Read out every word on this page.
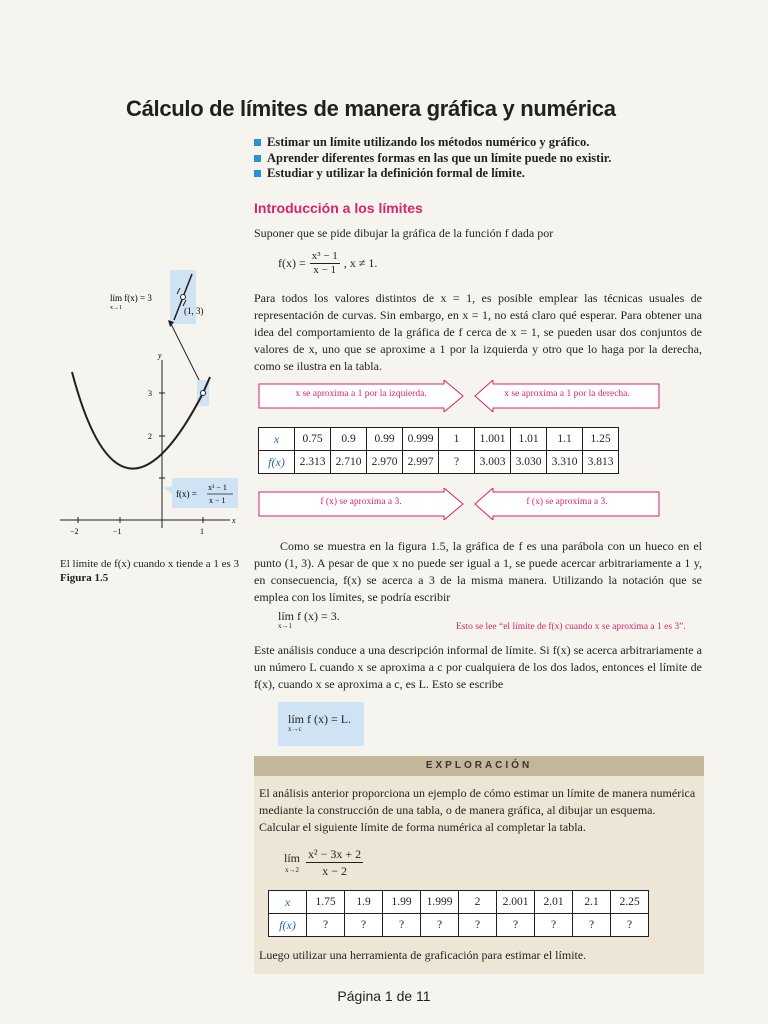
Cálculo de límites de manera gráfica y numérica
Estimar un límite utilizando los métodos numérico y gráfico.
Aprender diferentes formas en las que un límite puede no existir.
Estudiar y utilizar la definición formal de límite.
Introducción a los límites
Suponer que se pide dibujar la gráfica de la función f dada por
$f(x) = \frac{\text{x³ − 1}}{x - 1}$ , x ≠ 1.
Para todos los valores distintos de x = 1, es posible emplear las técnicas usuales de representación de curvas. Sin embargo, en x = 1, no está claro qué esperar. Para obtener una idea del comportamiento de la gráfica de f cerca de x = 1, se pueden usar dos conjuntos de valores de x, uno que se aproxime a 1 por la izquierda y otro que lo haga por la derecha, como se ilustra en la tabla.
x se aproxima a 1 por la izquierda.	x se aproxima a 1 por la derecha.
x	0.75	0.9	0.99	0.999	1	1.001	1.01	1.1	1.25
f(x)	2.313	2.710	2.970	2.997	?	3.003	3.030	3.310	3.813
f (x) se aproxima a 3.	f (x) se aproxima a 3.
Como se muestra en la figura 1.5, la gráfica de f es una parábola con un hueco en el punto (1, 3). A pesar de que x no puede ser igual a 1, se puede acercar arbitrariamente a 1 y, en consecuencia, f(x) se acerca a 3 de la misma manera. Utilizando la notación que se emplea con los límites, se podría escribir
lím f (x) = 3.
x→1	Esto se lee “el límite de f(x) cuando x se aproxima a 1 es 3”.
Este análisis conduce a una descripción informal de límite. Si f(x) se acerca arbitrariamente a un número L cuando x se aproxima a c por cualquiera de los dos lados, entonces el límite de f(x), cuando x se aproxima a c, es L. Esto se escribe
lím f (x) = L.
x→c
EXPLORACIÓN
El análisis anterior proporciona un ejemplo de cómo estimar un límite de manera numérica mediante la construcción de una tabla, o de manera gráfica, al dibujar un esquema. Calcular el siguiente límite de forma numérica al completar la tabla.
lím
$x\to 2 \frac{\text{x² − 3x + 2}}{x - 2}$
Luego utilizar una herramienta de graficación para estimar el límite.
x	1.75	1.9	1.99	1.999	2	2.001	2.01	2.1	2.25
f(x)	?	?	?	?	?	?	?	?	?
(1, 3)
lím f(x) = 3
x→1
y
x
3
2
−2	−1	1
f(x) =
x³ − 1
x − 1
El límite de f(x) cuando x tiende a 1 es 3
Figura 1.5
Página 1 de 11
